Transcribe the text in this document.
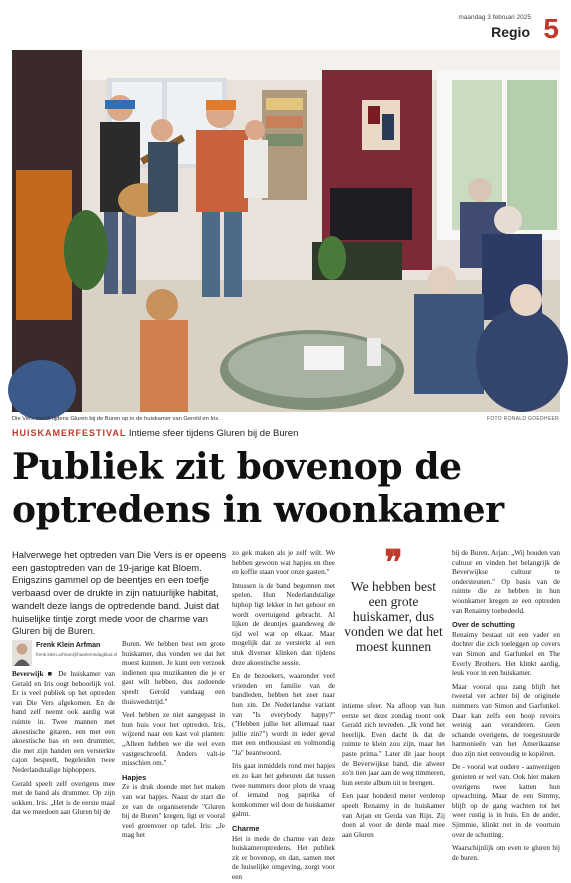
maandag 3 februari 2025
Regio 5
Die Vers treedt tijdens Gluren bij de Buren op in de huiskamer van Gerold en Iris.	FOTO RONALD GOEDHEER
HUISKAMERFESTIVAL Intieme sfeer tijdens Gluren bij de Buren
Publiek zit bovenop de optredens in woonkamer
Halverwege het optreden van Die Vers is er opeens een gastoptreden van de 19-jarige kat Bloem. Enigszins gammel op de beentjes en een toefje verbaasd over de drukte in zijn natuurlijke habitat, wandelt deze langs de optredende band. Juist dat huiselijke tintje zorgt mede voor de charme van Gluren bij de Buren.
Frenk Klein Arfman
frenk.klein.arfman@haarlemsdagblad.nl

Beverwijk ■ De huiskamer van Gerald en Iris oogt behoorlijk vol. Er is veel publiek op het optreden van Die Vers afgekomen. En de band zelf neemt ook aardig wat ruimte in. Twee mannen met akoestische gitaren, een met een akoestische bas en een drummer, die met zijn handen een versterkte cajon bespeelt, begeleiden twee Nederlandstalige hiphoppers.

Gerald speelt zelf overigens mee met de band als drummer. Op zijn sokken. Iris: „Het is de eerste maal dat we meedoen aan Gluren bij de

Buren. We hebben best een grote huiskamer, dus vonden we dat het moest kunnen. Je kunt een verzoek indienen qua muzikanten die je er gast wilt hebben, dus zodoende speelt Gerold vandaag een thuiswedstrijd."

Veel hebben ze niet aangepast in hun huis voor het optreden. Iris, wijzend naar een kast vol planten: „Alleen hebben we die wel even vastgeschroefd. Anders valt-ie misschien om."

Hapjes

Ze is druk doende met het maken van wat hapjes. Naast de start die ze van de organiserende "Gluren bij de Buren" kregen, ligt er vooral veel groenvoer op tafel. Iris: „Je mag het

zo gek maken als je zelf wilt. We hebben gewoon wat hapjes en thee en koffie staan voor onze gasten."

Intussen is de band begonnen met spelen. Hun Nederlandstalige hiphop ligt lekker in het gehoor en wordt overtuigend gebracht. Al lijken de deuntjes gaandeweg de tijd wel wat op elkaar. Maar mogelijk dat ze versterkt al een stuk diverser klinken dan tijdens deze akoestische sessie.

En de bezoekers, waaronder veel vrienden en familie van de bandleden, hebben het zeer naar hun zin. De Nederlandse variant van "Is everybody happy?" ("Hebben jullie het allemaal naar jullie zin?") wordt in ieder geval met een enthousiast en volmondig "Ja" beantwoord.

Iris gaat inmiddels rond met hapjes en zo kan het gebeuren dat tussen twee nummers door plots de vraag of iemand nog paprika of komkommer wil door de huiskamer galmt.

Charme

Het is mede de charme van deze huiskameroptredens. Het publiek zit er bovenop, en dan, samen met de huiselijke omgeving, zorgt voor een

intieme sfeer. Na afloop van hun eerste set deze zondag toont ook Gerald zich tevreden. „Ik vond het heerlijk. Even dacht ik dat de ruimte te klein zou zijn, maar het paste prima." Later dit jaar hoopt de Beverwijkse band, die alweer zo'n tien jaar aan de weg timmeren, hun eerste album uit te brengen.

Een paar honderd meter verderop speelt Renaimy in de huiskamer van Arjan en Gerda van Rijn. Zij doen al voor de derde maal mee aan Gluren

❞
We hebben best een grote huiskamer, dus vonden we dat het moest kunnen

bij de Buren. Arjan: „Wij houden van cultuur en vinden het belangrijk de Beverwijkse cultuur te ondersteunen." Op basis van de ruimte die ze hebben in hun woonkamer kregen ze een optreden van Renaimy toebedeeld.

Over de schutting

Renaimy bestaat uit een vader en dochter die zich toeleggen op covers van Simon and Garfunkel en The Everly Brothers. Het klinkt aardig, leuk voor in een huiskamer.

Maar vooral qua zang blijft het tweetal ver achter bij de originele nummers van Simon and Garfunkel. Daar kan zelfs een hoop revoirs weinig aan veranderen. Geen schande overigens, de toegestuurde harmonieën van het Amerikaanse duo zijn niet eenvoudig te kopiëren.

De - vooral wat oudere - aanwezigen genieten er wel van. Ook hier maken overigens twee katten hun opwachting. Maar de een Simmy, blijft op de gang wachten tot het weer rustig is in huis. En de ander, Sjimmie, klinkt net in de voortuin over de schutting.

Waarschijnlijk om even te gluren bij de buren.
